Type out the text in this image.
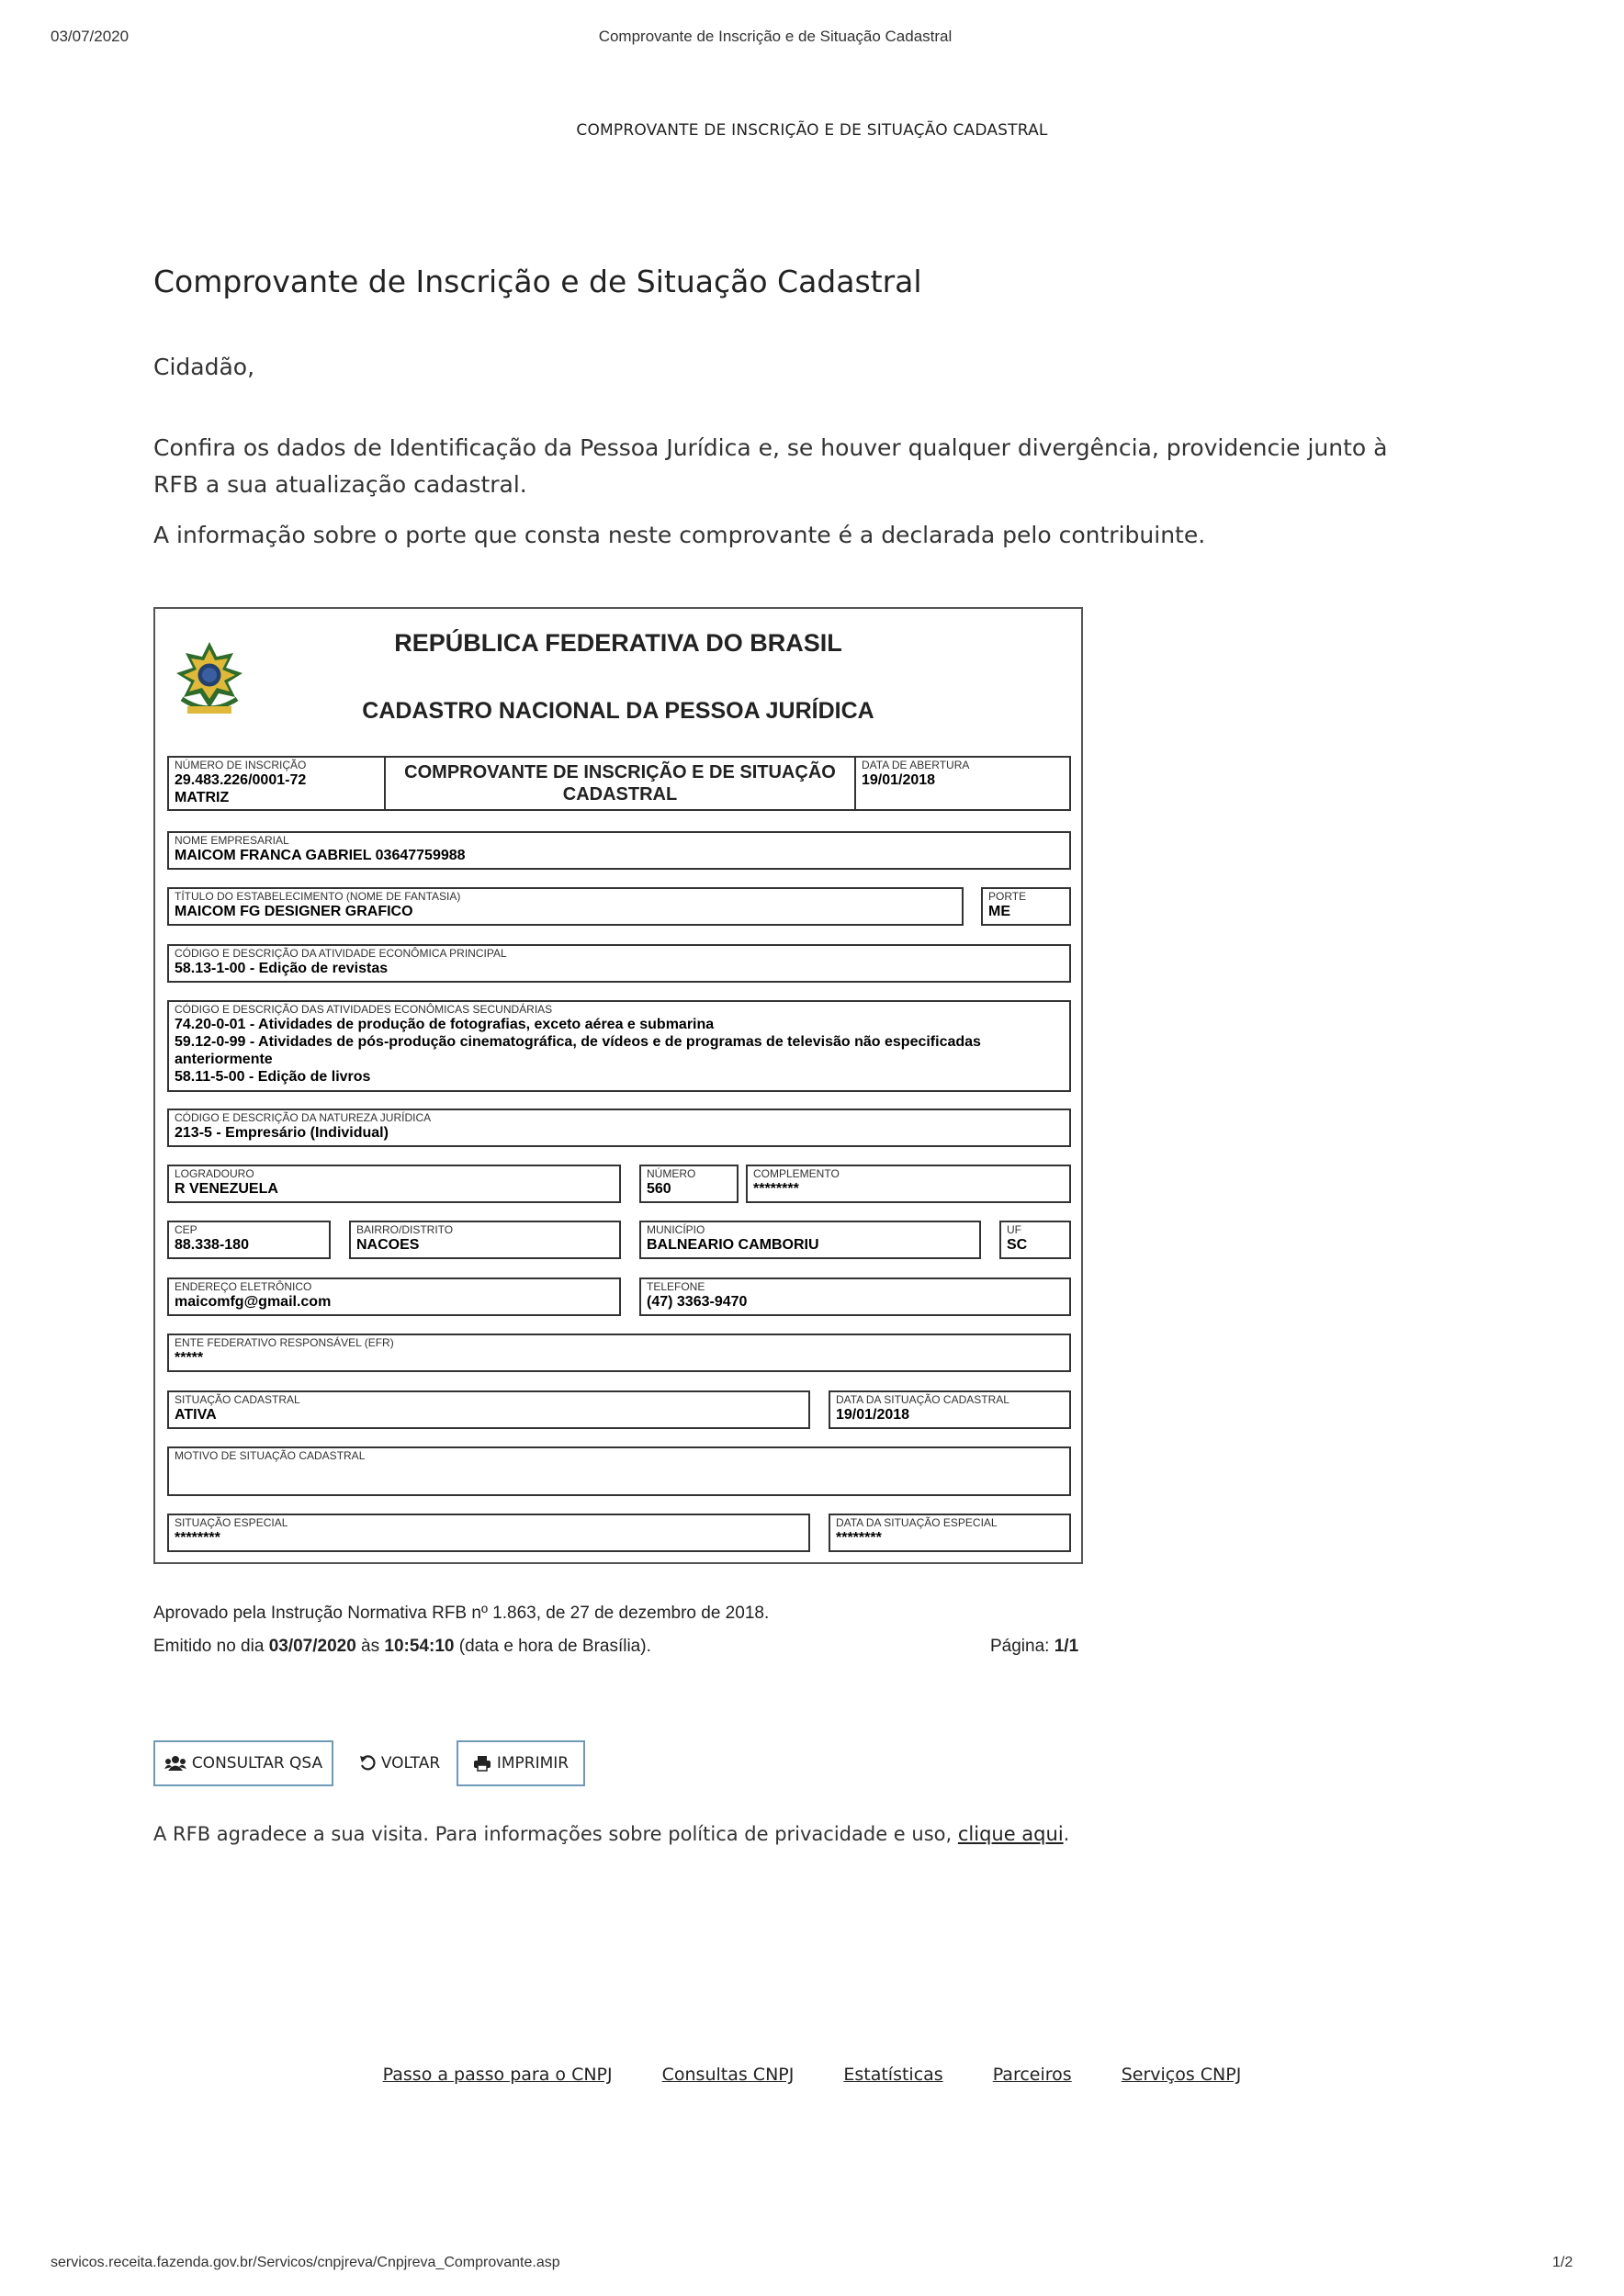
03/07/2020	Comprovante de Inscrição e de Situação Cadastral
COMPROVANTE DE INSCRIÇÃO E DE SITUAÇÃO CADASTRAL
Comprovante de Inscrição e de Situação Cadastral
Cidadão,
Confira os dados de Identificação da Pessoa Jurídica e, se houver qualquer divergência, providencie junto à RFB a sua atualização cadastral.
A informação sobre o porte que consta neste comprovante é a declarada pelo contribuinte.
REPÚBLICA FEDERATIVA DO BRASIL
CADASTRO NACIONAL DA PESSOA JURÍDICA
NÚMERO DE INSCRIÇÃO
29.483.226/0001-72
MATRIZ
COMPROVANTE DE INSCRIÇÃO E DE SITUAÇÃO CADASTRAL
DATA DE ABERTURA
19/01/2018
NOME EMPRESARIAL
MAICOM FRANCA GABRIEL 03647759988
TÍTULO DO ESTABELECIMENTO (NOME DE FANTASIA)
MAICOM FG DESIGNER GRAFICO
PORTE
ME
CÓDIGO E DESCRIÇÃO DA ATIVIDADE ECONÔMICA PRINCIPAL
58.13-1-00 - Edição de revistas
CÓDIGO E DESCRIÇÃO DAS ATIVIDADES ECONÔMICAS SECUNDÁRIAS
74.20-0-01 - Atividades de produção de fotografias, exceto aérea e submarina
59.12-0-99 - Atividades de pós-produção cinematográfica, de vídeos e de programas de televisão não especificadas anteriormente
58.11-5-00 - Edição de livros
CÓDIGO E DESCRIÇÃO DA NATUREZA JURÍDICA
213-5 - Empresário (Individual)
LOGRADOURO
R VENEZUELA
NÚMERO
560
COMPLEMENTO
********
CEP
88.338-180
BAIRRO/DISTRITO
NACOES
MUNICÍPIO
BALNEARIO CAMBORIU
UF
SC
ENDEREÇO ELETRÔNICO
maicomfg@gmail.com
TELEFONE
(47) 3363-9470
ENTE FEDERATIVO RESPONSÁVEL (EFR)
*****
SITUAÇÃO CADASTRAL
ATIVA
DATA DA SITUAÇÃO CADASTRAL
19/01/2018
MOTIVO DE SITUAÇÃO CADASTRAL
SITUAÇÃO ESPECIAL
********
DATA DA SITUAÇÃO ESPECIAL
********
Aprovado pela Instrução Normativa RFB nº 1.863, de 27 de dezembro de 2018.
Emitido no dia 03/07/2020 às 10:54:10 (data e hora de Brasília).	Página: 1/1
CONSULTAR QSA	VOLTAR	IMPRIMIR
A RFB agradece a sua visita. Para informações sobre política de privacidade e uso, clique aqui.
Passo a passo para o CNPJ	Consultas CNPJ	Estatísticas	Parceiros	Serviços CNPJ
servicos.receita.fazenda.gov.br/Servicos/cnpjreva/Cnpjreva_Comprovante.asp	1/2
